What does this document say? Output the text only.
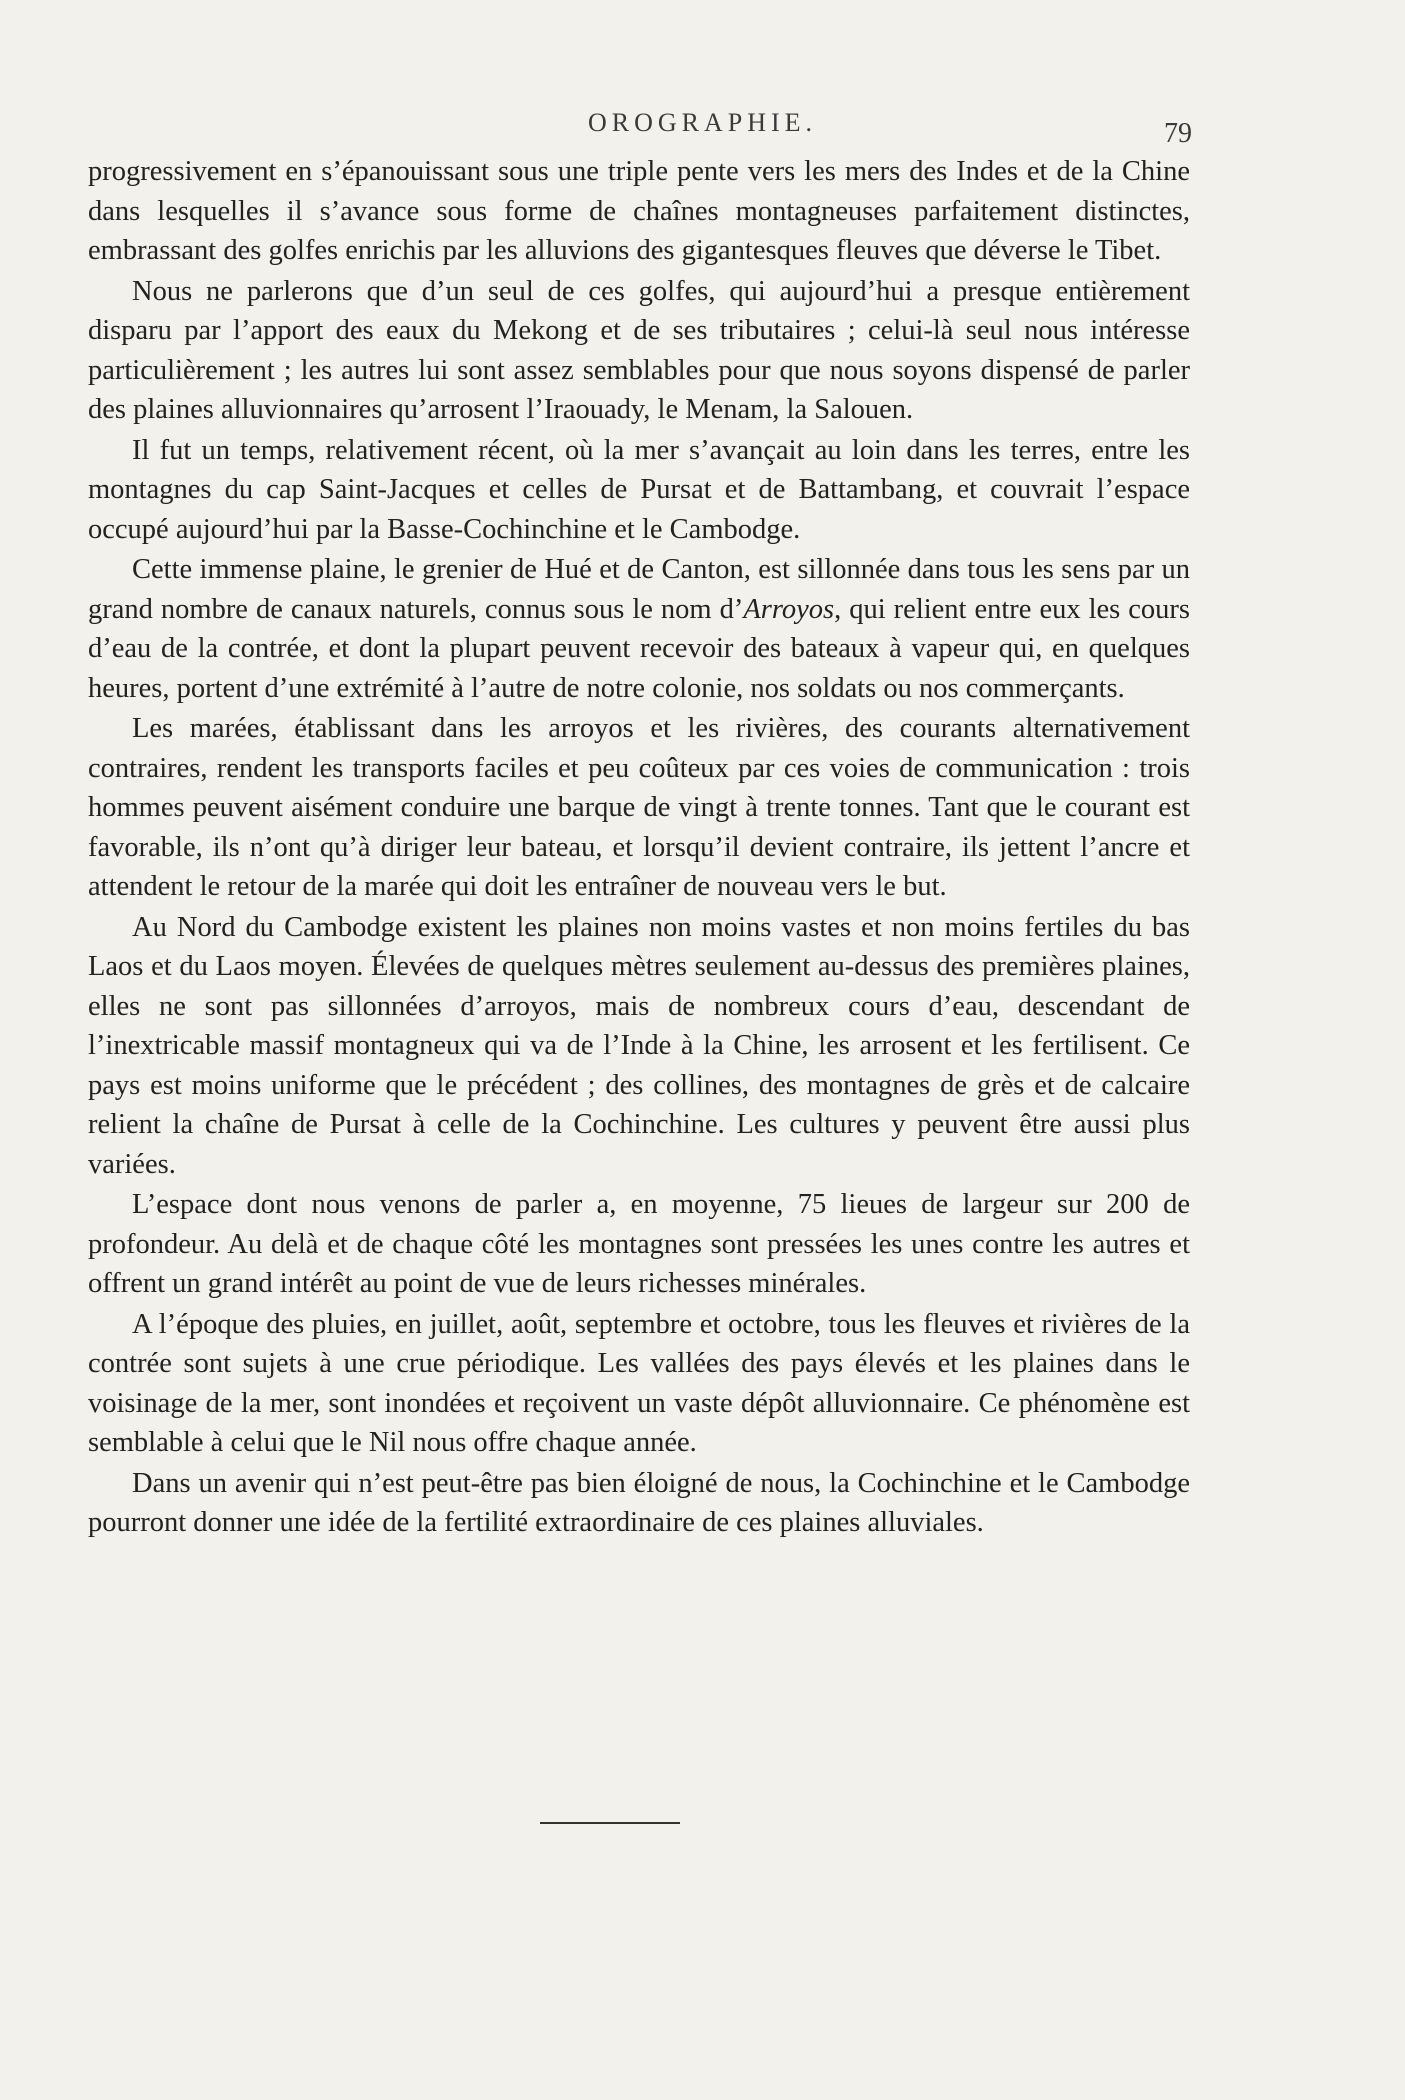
OROGRAPHIE.	79

progressivement en s’épanouissant sous une triple pente vers les mers des Indes et de la Chine dans lesquelles il s’avance sous forme de chaînes montagneuses parfaitement distinctes, embrassant des golfes enrichis par les alluvions des gigantesques fleuves que déverse le Tibet.

Nous ne parlerons que d’un seul de ces golfes, qui aujourd’hui a presque entièrement disparu par l’apport des eaux du Mekong et de ses tributaires ; celui-là seul nous intéresse particulièrement ; les autres lui sont assez semblables pour que nous soyons dispensé de parler des plaines alluvionnaires qu’arrosent l’Iraouady, le Menam, la Salouen.

Il fut un temps, relativement récent, où la mer s’avançait au loin dans les terres, entre les montagnes du cap Saint-Jacques et celles de Pursat et de Battambang, et couvrait l’espace occupé aujourd’hui par la Basse-Cochinchine et le Cambodge.

Cette immense plaine, le grenier de Hué et de Canton, est sillonnée dans tous les sens par un grand nombre de canaux naturels, connus sous le nom d’Arroyos, qui relient entre eux les cours d’eau de la contrée, et dont la plupart peuvent recevoir des bateaux à vapeur qui, en quelques heures, portent d’une extrémité à l’autre de notre colonie, nos soldats ou nos commerçants.

Les marées, établissant dans les arroyos et les rivières, des courants alternativement contraires, rendent les transports faciles et peu coûteux par ces voies de communication : trois hommes peuvent aisément conduire une barque de vingt à trente tonnes. Tant que le courant est favorable, ils n’ont qu’à diriger leur bateau, et lorsqu’il devient contraire, ils jettent l’ancre et attendent le retour de la marée qui doit les entraîner de nouveau vers le but.

Au Nord du Cambodge existent les plaines non moins vastes et non moins fertiles du bas Laos et du Laos moyen. Élevées de quelques mètres seulement au-dessus des premières plaines, elles ne sont pas sillonnées d’arroyos, mais de nombreux cours d’eau, descendant de l’inextricable massif montagneux qui va de l’Inde à la Chine, les arrosent et les fertilisent. Ce pays est moins uniforme que le précédent ; des collines, des montagnes de grès et de calcaire relient la chaîne de Pursat à celle de la Cochinchine. Les cultures y peuvent être aussi plus variées.

L’espace dont nous venons de parler a, en moyenne, 75 lieues de largeur sur 200 de profondeur. Au delà et de chaque côté les montagnes sont pressées les unes contre les autres et offrent un grand intérêt au point de vue de leurs richesses minérales.

A l’époque des pluies, en juillet, août, septembre et octobre, tous les fleuves et rivières de la contrée sont sujets à une crue périodique. Les vallées des pays élevés et les plaines dans le voisinage de la mer, sont inondées et reçoivent un vaste dépôt alluvionnaire. Ce phénomène est semblable à celui que le Nil nous offre chaque année.

Dans un avenir qui n’est peut-être pas bien éloigné de nous, la Cochinchine et le Cambodge pourront donner une idée de la fertilité extraordinaire de ces plaines alluviales.
